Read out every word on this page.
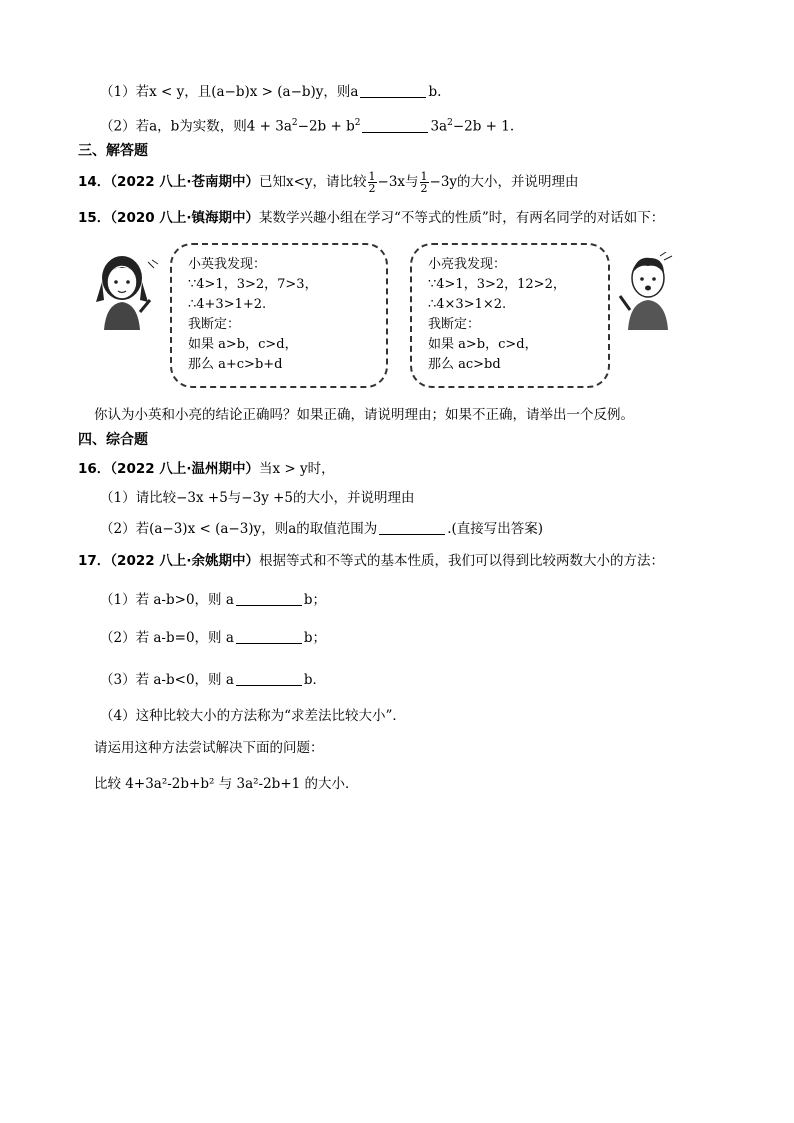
（1）若x < y，且(a−b)x > (a−b)y，则a	b.
（2）若a，b为实数，则$4 + 3a^2-2b + b^2$	$3a^2-2b + 1$.
三、解答题
14．（2022 八上·苍南期中）已知x<y，请比较 $\frac{1}{2} -3x$与 $\frac{1}{2} -3y$的大小，并说明理由
15．（2020 八上·镇海期中）某数学兴趣小组在学习“不等式的性质”时，有两名同学的对话如下：
小英我发现：
∵4>1，3>2，7>3，
∴4+3>1+2.
我断定：
如果 a>b，c>d，
那么 a+c>b+d
小亮我发现：
∵4>1，3>2，12>2，
∴4×3>1×2.
我断定：
如果 a>b，c>d，
那么 ac>bd
你认为小英和小亮的结论正确吗？如果正确，请说明理由；如果不正确，请举出一个反例。
四、综合题
16．（2022 八上·温州期中）当x > y时，
（1）请比较−3x +5与−3y +5的大小，并说明理由
（2）若(a−3)x < (a−3)y，则a的取值范围为	.(直接写出答案)
17．（2022 八上·余姚期中）根据等式和不等式的基本性质，我们可以得到比较两数大小的方法：
（1）若 a-b>0，则 a	b；
（2）若 a-b=0，则 a	b；
（3）若 a-b<0，则 a	b．
（4）这种比较大小的方法称为“求差法比较大小”．
请运用这种方法尝试解决下面的问题：
比较 4+3a²-2b+b² 与 3a²-2b+1 的大小．
